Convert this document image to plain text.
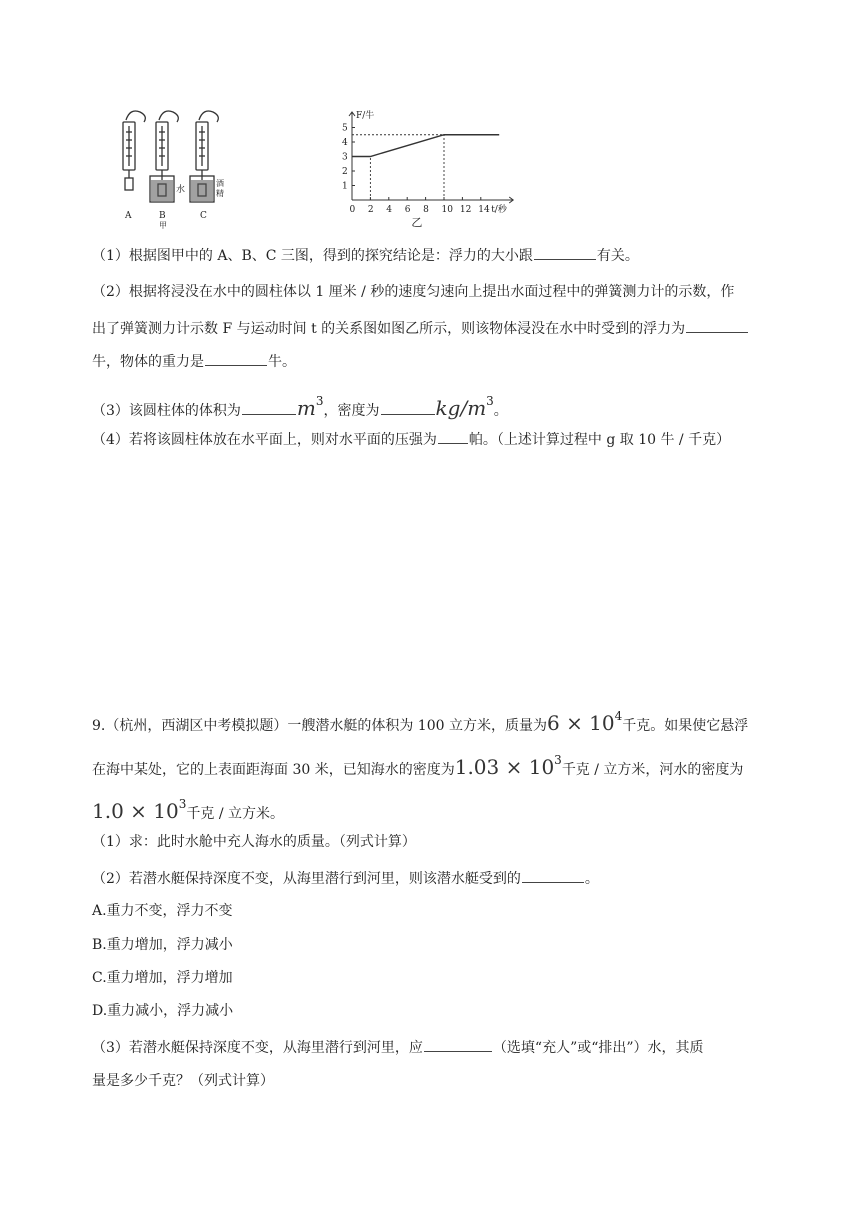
A	B	C
甲
水
酒
精
0 2 4 6 8 10 12 14
1
2
3
4
5
F/牛
t/秒
乙
（1）根据图甲中的 A、B、C 三图，得到的探究结论是：浮力的大小跟	有关。
（2）根据将浸没在水中的圆柱体以 1 厘米 / 秒的速度匀速向上提出水面过程中的弹簧测力计的示数，作
出了弹簧测力计示数 F 与运动时间 t 的关系图如图乙所示，则该物体浸没在水中时受到的浮力为
牛，物体的重力是	牛。
（3）该圆柱体的体积为	$m^3$，密度为	$kg/m^3$。
（4）若将该圆柱体放在水平面上，则对水平面的压强为 帕。（上述计算过程中 g 取 10 牛 / 千克）
9.（杭州，西湖区中考模拟题）一艘潜水艇的体积为 100 立方米，质量为$6 \times 10^4$千克。如果使它悬浮
在海中某处，它的上表面距海面 30 米，已知海水的密度为$1.03 \times 10^3$千克 / 立方米，河水的密度为
$1.0 \times 10^3$千克 / 立方米。
（1）求：此时水舱中充人海水的质量。（列式计算）
（2）若潜水艇保持深度不变，从海里潜行到河里，则该潜水艇受到的	。
A.重力不变，浮力不变
B.重力增加，浮力减小
C.重力增加，浮力增加
D.重力减小，浮力减小
（3）若潜水艇保持深度不变，从海里潜行到河里，应	（选填“充人”或“排出”）水，其质
量是多少千克？（列式计算）
